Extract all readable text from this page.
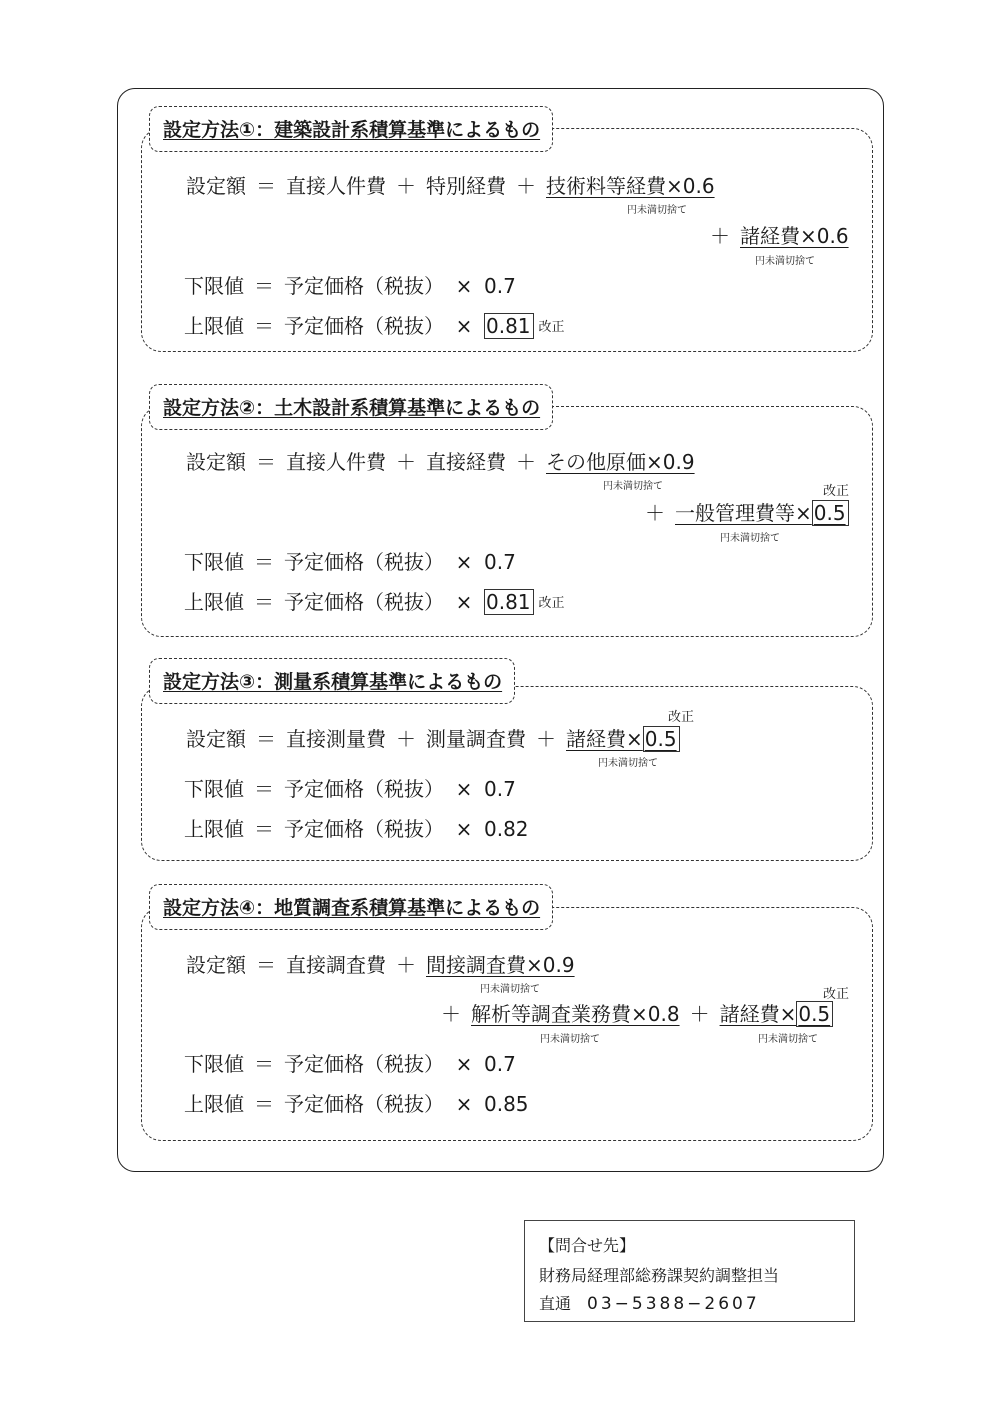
設定方法①：建築設計系積算基準によるもの
設定額 ＝ 直接人件費 ＋ 特別経費 ＋ 技術料等経費×0.6
円未満切捨て
＋ 諸経費×0.6
円未満切捨て
下限値 ＝ 予定価格（税抜） × 0.7
上限値 ＝ 予定価格（税抜） × 0.81 改正
設定方法②：土木設計系積算基準によるもの
設定額 ＝ 直接人件費 ＋ 直接経費 ＋ その他原価×0.9
円未満切捨て	改正
＋ 一般管理費等× 0.5
円未満切捨て
下限値 ＝ 予定価格（税抜） × 0.7
上限値 ＝ 予定価格（税抜） × 0.81 改正
設定方法③：測量系積算基準によるもの
改正
設定額 ＝ 直接測量費 ＋ 測量調査費 ＋ 諸経費× 0.5
円未満切捨て
下限値 ＝ 予定価格（税抜） × 0.7
上限値 ＝ 予定価格（税抜） × 0.82
設定方法④：地質調査系積算基準によるもの
設定額 ＝ 直接調査費 ＋ 間接調査費×0.9
円未満切捨て	改正
＋ 解析等調査業務費×0.8 ＋ 諸経費× 0.5
円未満切捨て	円未満切捨て
下限値 ＝ 予定価格（税抜） × 0.7
上限値 ＝ 予定価格（税抜） × 0.85
【問合せ先】
財務局経理部総務課契約調整担当
直通 03−5388−2607
